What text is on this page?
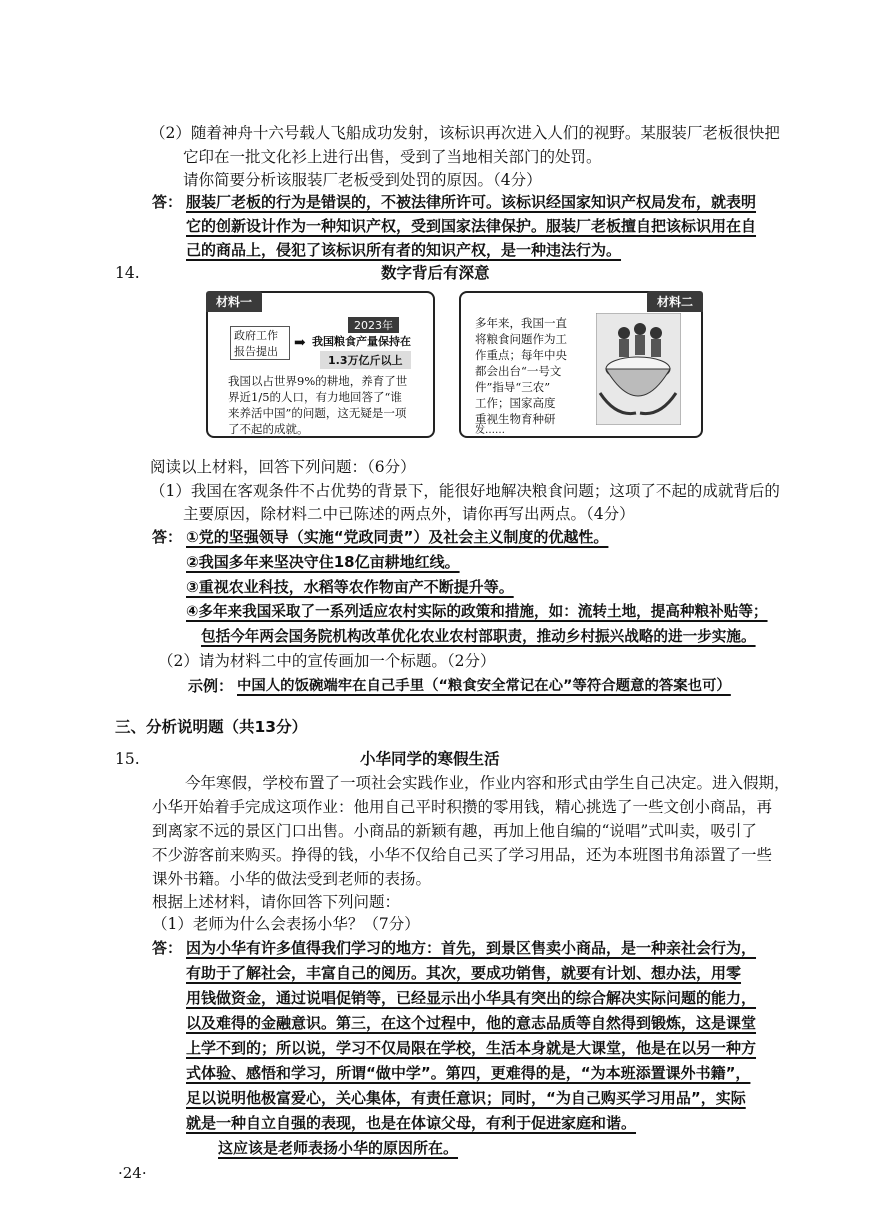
（2）随着神舟十六号载人飞船成功发射，该标识再次进入人们的视野。某服装厂老板很快把
它印在一批文化衫上进行出售，受到了当地相关部门的处罚。
请你简要分析该服装厂老板受到处罚的原因。（4分）
答： 服装厂老板的行为是错误的，不被法律所许可。该标识经国家知识产权局发布，就表明
它的创新设计作为一种知识产权，受到国家法律保护。服装厂老板擅自把该标识用在自
己的商品上，侵犯了该标识所有者的知识产权，是一种违法行为。
14.	数字背后有深意
材料一
政府工作报告提出
➡
2023年
我国粮食产量保持在
1.3万亿斤以上
我国以占世界9%的耕地，养育了世
界近1/5的人口，有力地回答了“谁
来养活中国”的问题，这无疑是一项
了不起的成就。
材料二
多年来，我国一直
将粮食问题作为工
作重点；每年中央
都会出台“一号文
件”指导“三农”
工作；国家高度
重视生物育种研
发……
阅读以上材料，回答下列问题：（6分）
（1）我国在客观条件不占优势的背景下，能很好地解决粮食问题；这项了不起的成就背后的
主要原因，除材料二中已陈述的两点外，请你再写出两点。（4分）
答： ①党的坚强领导（实施“党政同责”）及社会主义制度的优越性。
②我国多年来坚决守住18亿亩耕地红线。
③重视农业科技，水稻等农作物亩产不断提升等。
④多年来我国采取了一系列适应农村实际的政策和措施，如：流转土地，提高种粮补贴等；
包括今年两会国务院机构改革优化农业农村部职责，推动乡村振兴战略的进一步实施。
（2）请为材料二中的宣传画加一个标题。（2分）
示例： 中国人的饭碗端牢在自己手里（“粮食安全常记在心”等符合题意的答案也可）
三、分析说明题（共13分）
15.	小华同学的寒假生活
今年寒假，学校布置了一项社会实践作业，作业内容和形式由学生自己决定。进入假期，
小华开始着手完成这项作业：他用自己平时积攒的零用钱，精心挑选了一些文创小商品，再
到离家不远的景区门口出售。小商品的新颖有趣，再加上他自编的“说唱”式叫卖，吸引了
不少游客前来购买。挣得的钱，小华不仅给自己买了学习用品，还为本班图书角添置了一些
课外书籍。小华的做法受到老师的表扬。
根据上述材料，请你回答下列问题：
（1）老师为什么会表扬小华？（7分）
答： 因为小华有许多值得我们学习的地方：首先，到景区售卖小商品，是一种亲社会行为，
有助于了解社会，丰富自己的阅历。其次，要成功销售，就要有计划、想办法，用零
用钱做资金，通过说唱促销等，已经显示出小华具有突出的综合解决实际问题的能力，
以及难得的金融意识。第三，在这个过程中，他的意志品质等自然得到锻炼，这是课堂
上学不到的；所以说，学习不仅局限在学校，生活本身就是大课堂，他是在以另一种方
式体验、感悟和学习，所谓“做中学”。第四，更难得的是，“为本班添置课外书籍”，
足以说明他极富爱心，关心集体，有责任意识；同时，“为自己购买学习用品”，实际
就是一种自立自强的表现，也是在体谅父母，有利于促进家庭和谐。
这应该是老师表扬小华的原因所在。
·24·
